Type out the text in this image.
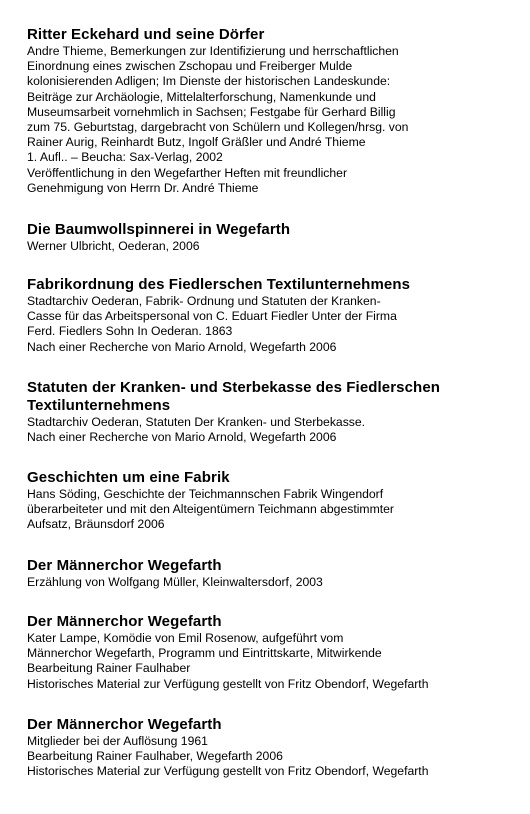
Ritter Eckehard und seine Dörfer
Andre Thieme, Bemerkungen zur Identifizierung und herrschaftlichen
Einordnung eines zwischen Zschopau und Freiberger Mulde
kolonisierenden Adligen; Im Dienste der historischen Landeskunde:
Beiträge zur Archäologie, Mittelalterforschung, Namenkunde und
Museumsarbeit vornehmlich in Sachsen; Festgabe für Gerhard Billig
zum 75. Geburtstag, dargebracht von Schülern und Kollegen/hrsg. von
Rainer Aurig, Reinhardt Butz, Ingolf Gräßler und André Thieme
1. Aufl.. – Beucha: Sax-Verlag, 2002
Veröffentlichung in den Wegefarther Heften mit freundlicher
Genehmigung von Herrn Dr. André Thieme
Die Baumwollspinnerei in Wegefarth
Werner Ulbricht, Oederan, 2006
Fabrikordnung des Fiedlerschen Textilunternehmens
Stadtarchiv Oederan, Fabrik- Ordnung und Statuten der Kranken-
Casse für das Arbeitspersonal von C. Eduart Fiedler Unter der Firma
Ferd. Fiedlers Sohn In Oederan. 1863
Nach einer Recherche von Mario Arnold, Wegefarth 2006
Statuten der Kranken- und Sterbekasse des Fiedlerschen Textilunternehmens
Stadtarchiv Oederan, Statuten Der Kranken- und Sterbekasse.
Nach einer Recherche von Mario Arnold, Wegefarth 2006
Geschichten um eine Fabrik
Hans Söding, Geschichte der Teichmannschen Fabrik Wingendorf
überarbeiteter und mit den Alteigentümern Teichmann abgestimmter
Aufsatz, Bräunsdorf 2006
Der Männerchor Wegefarth
Erzählung von Wolfgang Müller, Kleinwaltersdorf, 2003
Der Männerchor Wegefarth
Kater Lampe, Komödie von Emil Rosenow, aufgeführt vom
Männerchor Wegefarth, Programm und Eintrittskarte, Mitwirkende
Bearbeitung Rainer Faulhaber
Historisches Material zur Verfügung gestellt von Fritz Obendorf, Wegefarth
Der Männerchor Wegefarth
Mitglieder bei der Auflösung 1961
Bearbeitung Rainer Faulhaber, Wegefarth 2006
Historisches Material zur Verfügung gestellt von Fritz Obendorf, Wegefarth
